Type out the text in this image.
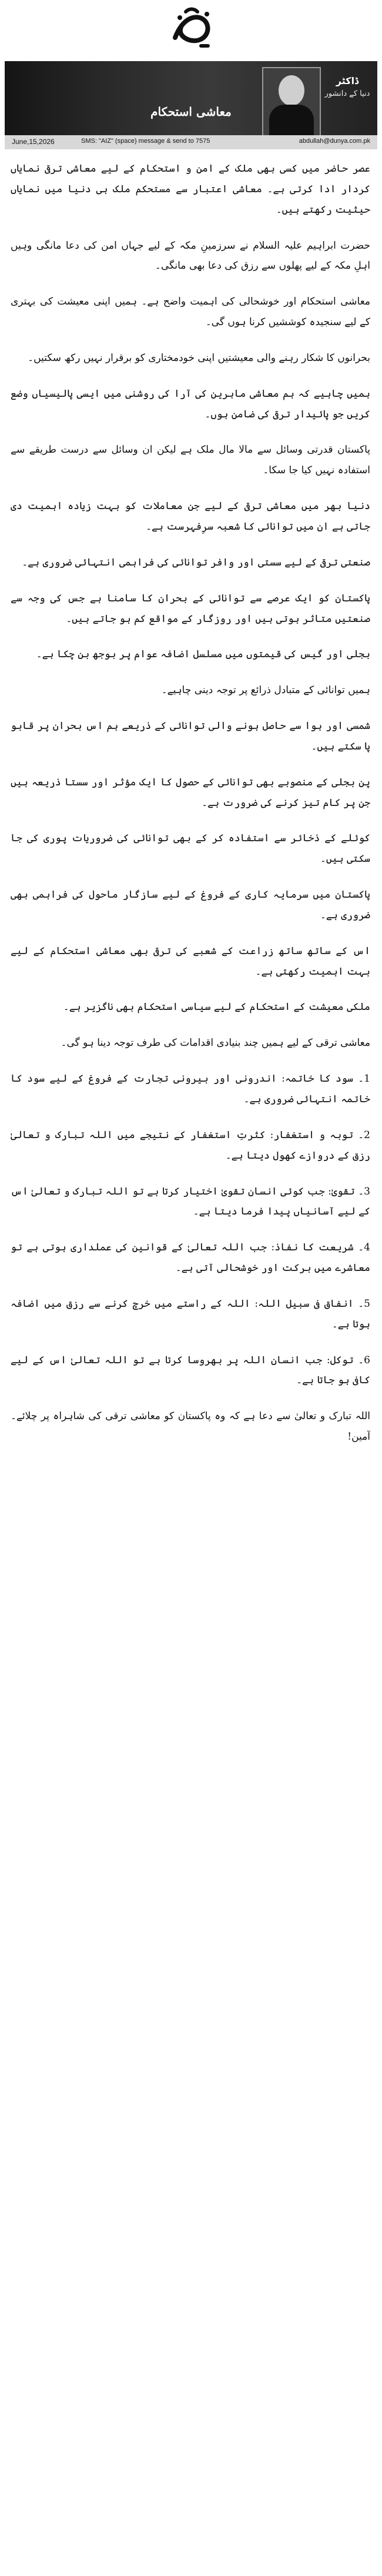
ڈاکٹر
دنیا کے دانشور
معاشی استحکام
June,15,2026	SMS: "AIZ" (space) message & send to 7575	abdullah@dunya.com.pk

عصر حاضر میں کسی بھی ملک کے امن و استحکام کے لیے معاشی ترقی نمایاں کردار ادا کرتی ہے۔ معاشی اعتبار سے مستحکم ملک ہی دنیا میں نمایاں حیثیت رکھتے ہیں۔

حضرت ابراہیم علیہ السلام نے سرزمینِ مکہ کے لیے جہاں امن کی دعا مانگی وہیں اہلِ مکہ کے لیے پھلوں سے رزق کی دعا بھی مانگی۔

معاشی استحکام اور خوشحالی کی اہمیت واضح ہے۔ ہمیں اپنی معیشت کی بہتری کے لیے سنجیدہ کوششیں کرنا ہوں گی۔

بحرانوں کا شکار رہنے والی معیشتیں اپنی خودمختاری کو برقرار نہیں رکھ سکتیں۔

ہمیں چاہیے کہ ہم معاشی ماہرین کی آرا کی روشنی میں ایسی پالیسیاں وضع کریں جو پائیدار ترقی کی ضامن ہوں۔

پاکستان قدرتی وسائل سے مالا مال ملک ہے لیکن ان وسائل سے درست طریقے سے استفادہ نہیں کیا جا سکا۔

دنیا بھر میں معاشی ترقی کے لیے جن معاملات کو بہت زیادہ اہمیت دی جاتی ہے ان میں توانائی کا شعبہ سرِفہرست ہے۔

صنعتی ترقی کے لیے سستی اور وافر توانائی کی فراہمی انتہائی ضروری ہے۔

پاکستان کو ایک عرصے سے توانائی کے بحران کا سامنا ہے جس کی وجہ سے صنعتیں متاثر ہوتی ہیں اور روزگار کے مواقع کم ہو جاتے ہیں۔

بجلی اور گیس کی قیمتوں میں مسلسل اضافہ عوام پر بوجھ بن چکا ہے۔

ہمیں توانائی کے متبادل ذرائع پر توجہ دینی چاہیے۔

شمسی اور ہوا سے حاصل ہونے والی توانائی کے ذریعے ہم اس بحران پر قابو پا سکتے ہیں۔

پن بجلی کے منصوبے بھی توانائی کے حصول کا ایک مؤثر اور سستا ذریعہ ہیں جن پر کام تیز کرنے کی ضرورت ہے۔

کوئلے کے ذخائر سے استفادہ کر کے بھی توانائی کی ضروریات پوری کی جا سکتی ہیں۔

پاکستان میں سرمایہ کاری کے فروغ کے لیے سازگار ماحول کی فراہمی بھی ضروری ہے۔

اس کے ساتھ ساتھ زراعت کے شعبے کی ترقی بھی معاشی استحکام کے لیے بہت اہمیت رکھتی ہے۔

ملکی معیشت کے استحکام کے لیے سیاسی استحکام بھی ناگزیر ہے۔

معاشی ترقی کے لیے ہمیں چند بنیادی اقدامات کی طرف توجہ دینا ہو گی۔

1۔ سود کا خاتمہ: اندرونی اور بیرونی تجارت کے فروغ کے لیے سود کا خاتمہ انتہائی ضروری ہے۔

2۔ توبہ و استغفار: کثرتِ استغفار کے نتیجے میں اللہ تبارک و تعالیٰ رزق کے دروازے کھول دیتا ہے۔

3۔ تقویٰ: جب کوئی انسان تقویٰ اختیار کرتا ہے تو اللہ تبارک و تعالیٰ اس کے لیے آسانیاں پیدا فرما دیتا ہے۔

4۔ شریعت کا نفاذ: جب اللہ تعالیٰ کے قوانین کی عملداری ہوتی ہے تو معاشرے میں برکت اور خوشحالی آتی ہے۔

5۔ انفاق فی سبیل اللہ: اللہ کے راستے میں خرچ کرنے سے رزق میں اضافہ ہوتا ہے۔

6۔ توکل: جب انسان اللہ پر بھروسا کرتا ہے تو اللہ تعالیٰ اس کے لیے کافی ہو جاتا ہے۔

اللہ تبارک و تعالیٰ سے دعا ہے کہ وہ پاکستان کو معاشی ترقی کی شاہراہ پر چلائے۔ آمین!
